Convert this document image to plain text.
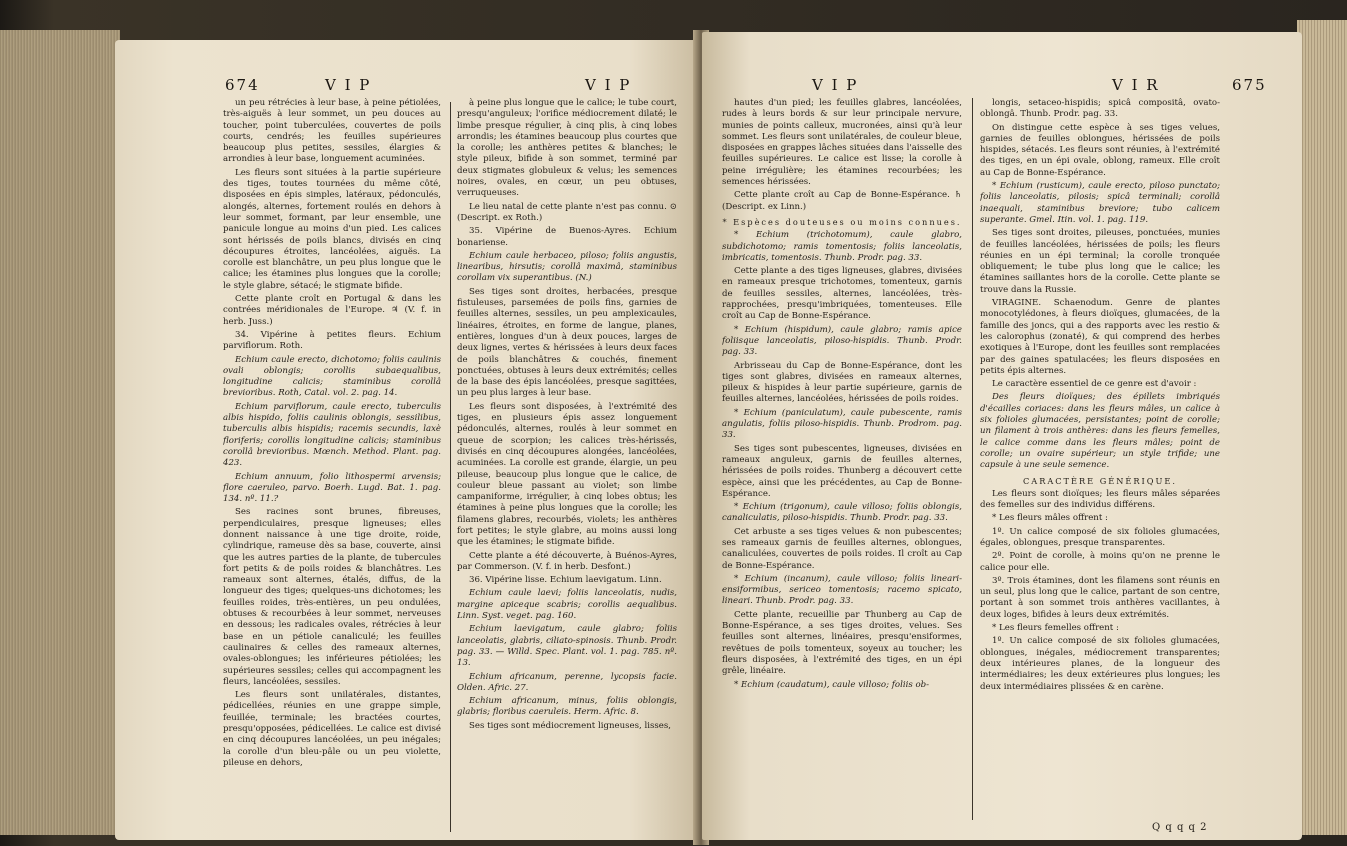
674	V I P	V I P

un peu rétrécies à leur base, à peine pétiolées, très-aiguës à leur sommet, un peu douces au toucher, point tuberculées, couvertes de poils courts, cendrés; les feuilles supérieures beaucoup plus petites, sessiles, élargies & arrondies à leur base, longuement acuminées.

Les fleurs sont situées à la partie supérieure des tiges, toutes tournées du même côté, disposées en épis simples, latéraux, pédonculés, alongés, alternes, fortement roulés en dehors à leur sommet, formant, par leur ensemble, une panicule longue au moins d'un pied. Les calices sont hérissés de poils blancs, divisés en cinq découpures étroites, lancéolées, aiguës. La corolle est blanchâtre, un peu plus longue que le calice; les étamines plus longues que la corolle; le style glabre, sétacé; le stigmate bifide.

Cette plante croît en Portugal & dans les contrées méridionales de l'Europe. ♃ (V. f. in herb. Juss.)

34. Vipérine à petites fleurs. Echium parviflorum. Roth.

Echium caule erecto, dichotomo; foliis caulinis ovali oblongis; corollis subaequalibus, longitudine calicis; staminibus corollâ brevioribus. Roth, Catal. vol. 2. pag. 14.

Echium parviflorum, caule erecto, tuberculis albis hispido, foliis caulinis oblongis, sessilibus, tuberculis albis hispidis; racemis secundis, laxè floriferis; corollis longitudine calicis; staminibus corollâ brevioribus. Mœnch. Method. Plant. pag. 423.

Echium annuum, folio lithospermi arvensis; flore caeruleo, parvo. Boerh. Lugd. Bat. 1. pag. 134. nº. 11.?

Ses racines sont brunes, fibreuses, perpendiculaires, presque ligneuses; elles donnent naissance à une tige droite, roide, cylindrique, rameuse dès sa base, couverte, ainsi que les autres parties de la plante, de tubercules fort petits & de poils roides & blanchâtres. Les rameaux sont alternes, étalés, diffus, de la longueur des tiges; quelques-uns dichotomes; les feuilles roides, très-entières, un peu ondulées, obtuses & recourbées à leur sommet, nerveuses en dessous; les radicales ovales, rétrécies à leur base en un pétiole canaliculé; les feuilles caulinaires & celles des rameaux alternes, ovales-oblongues; les inférieures pétiolées; les supérieures sessiles; celles qui accompagnent les fleurs, lancéolées, sessiles.

Les fleurs sont unilatérales, distantes, pédicellées, réunies en une grappe simple, feuillée, terminale; les bractées courtes, presqu'opposées, pédicellées. Le calice est divisé en cinq découpures lancéolées, un peu inégales; la corolle d'un bleu-pâle ou un peu violette, pileuse en dehors,

à peine plus longue que le calice; le tube court, presqu'anguleux; l'orifice médiocrement dilaté; le limbe presque régulier, à cinq plis, à cinq lobes arrondis; les étamines beaucoup plus courtes que la corolle; les anthères petites & blanches; le style pileux, bifide à son sommet, terminé par deux stigmates globuleux & velus; les semences noires, ovales, en cœur, un peu obtuses, verruqueuses.

Le lieu natal de cette plante n'est pas connu. ⊙ (Descript. ex Roth.)

35. Vipérine de Buenos-Ayres. Echium bonariense.

Echium caule herbaceo, piloso; foliis angustis, linearibus, hirsutis; corollâ maximâ, staminibus corollam vix superantibus. (N.)

Ses tiges sont droites, herbacées, presque fistuleuses, parsemées de poils fins, garnies de feuilles alternes, sessiles, un peu amplexicaules, linéaires, étroites, en forme de langue, planes, entières, longues d'un à deux pouces, larges de deux lignes, vertes & hérissées à leurs deux faces de poils blanchâtres & couchés, finement ponctuées, obtuses à leurs deux extrémités; celles de la base des épis lancéolées, presque sagittées, un peu plus larges à leur base.

Les fleurs sont disposées, à l'extrémité des tiges, en plusieurs épis assez longuement pédonculés, alternes, roulés à leur sommet en queue de scorpion; les calices très-hérissés, divisés en cinq découpures alongées, lancéolées, acuminées. La corolle est grande, élargie, un peu pileuse, beaucoup plus longue que le calice, de couleur bleue passant au violet; son limbe campaniforme, irrégulier, à cinq lobes obtus; les étamines à peine plus longues que la corolle; les filamens glabres, recourbés, violets; les anthères fort petites; le style glabre, au moins aussi long que les étamines; le stigmate bifide.

Cette plante a été découverte, à Buénos-Ayres, par Commerson. (V. f. in herb. Desfont.)

36. Vipérine lisse. Echium laevigatum. Linn.

Echium caule laevi; foliis lanceolatis, nudis, margine apiceque scabris; corollis aequalibus. Linn. Syst. veget. pag. 160.

Echium laevigatum, caule glabro; foliis lanceolatis, glabris, ciliato-spinosis. Thunb. Prodr. pag. 33. — Willd. Spec. Plant. vol. 1. pag. 785. nº. 13.

Echium africanum, perenne, lycopsis facie. Olden. Afric. 27.

Echium africanum, minus, foliis oblongis, glabris; floribus caeruleis. Herm. Afric. 8.

Ses tiges sont médiocrement ligneuses, lisses,

V I P	V I R	675

hautes d'un pied; les feuilles glabres, lancéolées, rudes à leurs bords & sur leur principale nervure, munies de points calleux, mucronées, ainsi qu'à leur sommet. Les fleurs sont unilatérales, de couleur bleue, disposées en grappes lâches situées dans l'aisselle des feuilles supérieures. Le calice est lisse; la corolle à peine irrégulière; les étamines recourbées; les semences hérissées.

Cette plante croît au Cap de Bonne-Espérance. ♄ (Descript. ex Linn.)

* Espèces douteuses ou moins connues.

* Echium (trichotomum), caule glabro, subdichotomo; ramis tomentosis; foliis lanceolatis, imbricatis, tomentosis. Thunb. Prodr. pag. 33.

Cette plante a des tiges ligneuses, glabres, divisées en rameaux presque trichotomes, tomenteux, garnis de feuilles sessiles, alternes, lancéolées, très-rapprochées, presqu'imbriquées, tomenteuses. Elle croît au Cap de Bonne-Espérance.

* Echium (hispidum), caule glabro; ramis apice foliisque lanceolatis, piloso-hispidis. Thunb. Prodr. pag. 33.

Arbrisseau du Cap de Bonne-Espérance, dont les tiges sont glabres, divisées en rameaux alternes, pileux & hispides à leur partie supérieure, garnis de feuilles alternes, lancéolées, hérissées de poils roides.

* Echium (paniculatum), caule pubescente, ramis angulatis, foliis piloso-hispidis. Thunb. Prodrom. pag. 33.

Ses tiges sont pubescentes, ligneuses, divisées en rameaux anguleux, garnis de feuilles alternes, hérissées de poils roides. Thunberg a découvert cette espèce, ainsi que les précédentes, au Cap de Bonne-Espérance.

* Echium (trigonum), caule villoso; foliis oblongis, canaliculatis, piloso-hispidis. Thunb. Prodr. pag. 33.

Cet arbuste a ses tiges velues & non pubescentes; ses rameaux garnis de feuilles alternes, oblongues, canaliculées, couvertes de poils roides. Il croît au Cap de Bonne-Espérance.

* Echium (incanum), caule villoso; foliis lineari-ensiformibus, sericeo tomentosis; racemo spicato, lineari. Thunb. Prodr. pag. 33.

Cette plante, recueillie par Thunberg au Cap de Bonne-Espérance, a ses tiges droites, velues. Ses feuilles sont alternes, linéaires, presqu'ensiformes, revêtues de poils tomenteux, soyeux au toucher; les fleurs disposées, à l'extrémité des tiges, en un épi grêle, linéaire.

* Echium (caudatum), caule villoso; foliis ob-

longis, setaceo-hispidis; spicâ compositâ, ovato-oblongâ. Thunb. Prodr. pag. 33.

On distingue cette espèce à ses tiges velues, garnies de feuilles oblongues, hérissées de poils hispides, sétacés. Les fleurs sont réunies, à l'extrémité des tiges, en un épi ovale, oblong, rameux. Elle croît au Cap de Bonne-Espérance.

* Echium (rusticum), caule erecto, piloso punctato; foliis lanceolatis, pilosis; spicâ terminali; corollâ inaequali, staminibus breviore; tubo calicem superante. Gmel. Itin. vol. 1. pag. 119.

Ses tiges sont droites, pileuses, ponctuées, munies de feuilles lancéolées, hérissées de poils; les fleurs réunies en un épi terminal; la corolle tronquée obliquement; le tube plus long que le calice; les étamines saillantes hors de la corolle. Cette plante se trouve dans la Russie.

VIRAGINE. Schaenodum. Genre de plantes monocotylédones, à fleurs dioïques, glumacées, de la famille des joncs, qui a des rapports avec les restio & les calorophus (zonaté), & qui comprend des herbes exotiques à l'Europe, dont les feuilles sont remplacées par des gaines spatulacées; les fleurs disposées en petits épis alternes.

Le caractère essentiel de ce genre est d'avoir :

Des fleurs dioïques; des épillets imbriqués d'écailles coriaces: dans les fleurs mâles, un calice à six folioles glumacées, persistantes; point de corolle; un filament à trois anthères: dans les fleurs femelles, le calice comme dans les fleurs mâles; point de corolle; un ovaire supérieur; un style trifide; une capsule à une seule semence.

CARACTÈRE GÉNÉRIQUE.

Les fleurs sont dioïques; les fleurs mâles séparées des femelles sur des individus différens.

* Les fleurs mâles offrent :

1º. Un calice composé de six folioles glumacées, égales, oblongues, presque transparentes.

2º. Point de corolle, à moins qu'on ne prenne le calice pour elle.

3º. Trois étamines, dont les filamens sont réunis en un seul, plus long que le calice, partant de son centre, portant à son sommet trois anthères vacillantes, à deux loges, bifides à leurs deux extrémités.

* Les fleurs femelles offrent :

1º. Un calice composé de six folioles glumacées, oblongues, inégales, médiocrement transparentes; deux intérieures planes, de la longueur des intermédiaires; les deux extérieures plus longues; les deux intermédiaires plissées & en carène.

Q q q q 2
